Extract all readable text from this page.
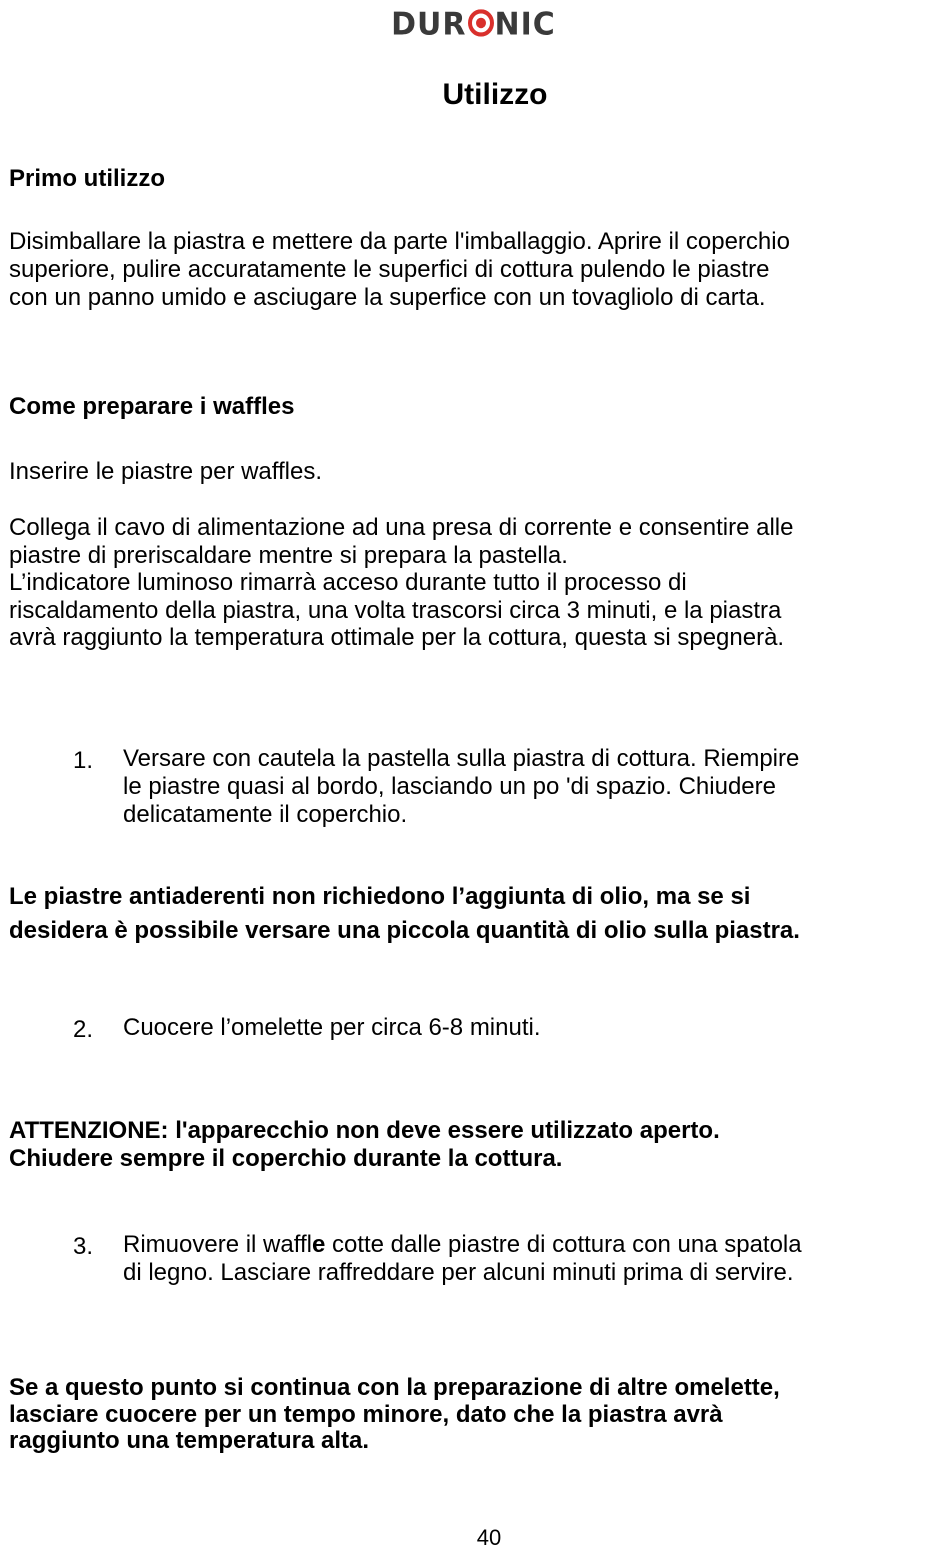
DUR NIC
Utilizzo
Primo utilizzo
Disimballare la piastra e mettere da parte l'imballaggio. Aprire il coperchio
superiore, pulire accuratamente le superfici di cottura pulendo le piastre
con un panno umido e asciugare la superfice con un tovagliolo di carta.
Come preparare i waffles
Inserire le piastre per waffles.
Collega il cavo di alimentazione ad una presa di corrente e consentire alle
piastre di preriscaldare mentre si prepara la pastella.
L’indicatore luminoso rimarrà acceso durante tutto il processo di
riscaldamento della piastra, una volta trascorsi circa 3 minuti, e la piastra
avrà raggiunto la temperatura ottimale per la cottura, questa si spegnerà.
1.	Versare con cautela la pastella sulla piastra di cottura. Riempire
le piastre quasi al bordo, lasciando un po 'di spazio. Chiudere
delicatamente il coperchio.
Le piastre antiaderenti non richiedono l’aggiunta di olio, ma se si
desidera è possibile versare una piccola quantità di olio sulla piastra.
2.	Cuocere l’omelette per circa 6-8 minuti.
ATTENZIONE: l'apparecchio non deve essere utilizzato aperto.
Chiudere sempre il coperchio durante la cottura.
3.	Rimuovere il waffle cotte dalle piastre di cottura con una spatola
di legno. Lasciare raffreddare per alcuni minuti prima di servire.
Se a questo punto si continua con la preparazione di altre omelette,
lasciare cuocere per un tempo minore, dato che la piastra avrà
raggiunto una temperatura alta.
40
